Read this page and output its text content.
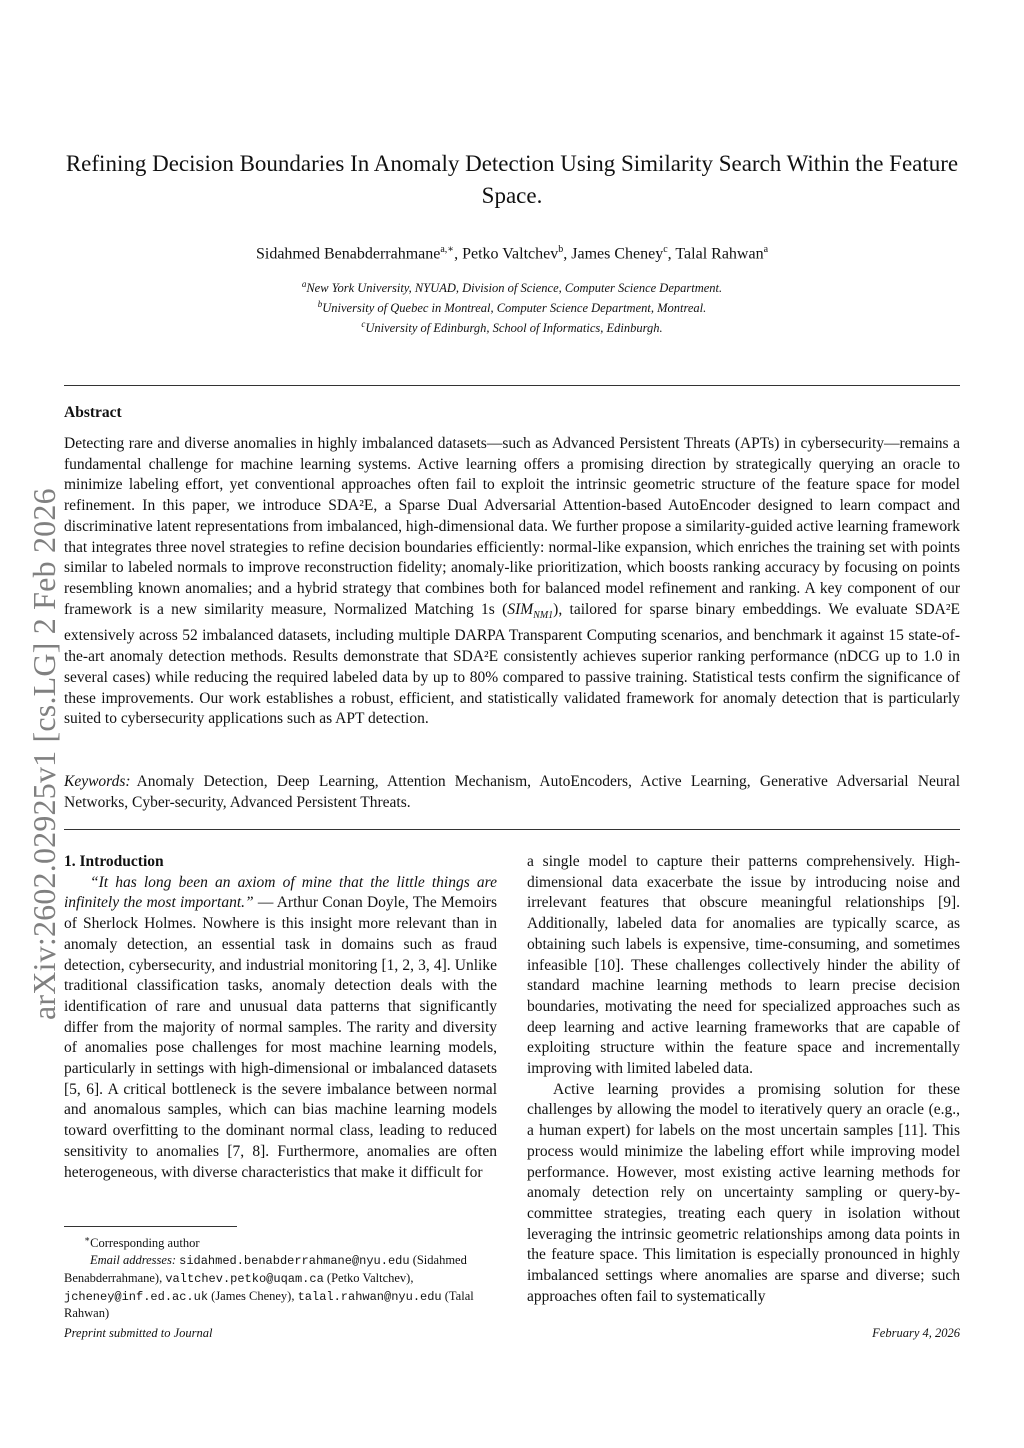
arXiv:2602.02925v1 [cs.LG] 2 Feb 2026
Refining Decision Boundaries In Anomaly Detection Using Similarity Search Within the Feature Space.
Sidahmed Benabderrahmane$^{a,∗}$, Petko Valtchev$^b$, James Cheney$^c$, Talal Rahwan$^a$
$^a$New York University, NYUAD, Division of Science, Computer Science Department.
$^b$University of Quebec in Montreal, Computer Science Department, Montreal.
$^c$University of Edinburgh, School of Informatics, Edinburgh.
Abstract
Detecting rare and diverse anomalies in highly imbalanced datasets—such as Advanced Persistent Threats (APTs) in cybersecurity—remains a fundamental challenge for machine learning systems. Active learning offers a promising direction by strategically querying an oracle to minimize labeling effort, yet conventional approaches often fail to exploit the intrinsic geometric structure of the feature space for model refinement. In this paper, we introduce SDA²E, a Sparse Dual Adversarial Attention-based AutoEncoder designed to learn compact and discriminative latent representations from imbalanced, high-dimensional data. We further propose a similarity-guided active learning framework that integrates three novel strategies to refine decision boundaries efficiently: normal-like expansion, which enriches the training set with points similar to labeled normals to improve reconstruction fidelity; anomaly-like prioritization, which boosts ranking accuracy by focusing on points resembling known anomalies; and a hybrid strategy that combines both for balanced model refinement and ranking. A key component of our framework is a new similarity measure, Normalized Matching 1s $(SIM_{NM1})$, tailored for sparse binary embeddings. We evaluate SDA²E extensively across 52 imbalanced datasets, including multiple DARPA Transparent Computing scenarios, and benchmark it against 15 state-of-the-art anomaly detection methods. Results demonstrate that SDA²E consistently achieves superior ranking performance (nDCG up to 1.0 in several cases) while reducing the required labeled data by up to 80% compared to passive training. Statistical tests confirm the significance of these improvements. Our work establishes a robust, efficient, and statistically validated framework for anomaly detection that is particularly suited to cybersecurity applications such as APT detection.
Keywords: Anomaly Detection, Deep Learning, Attention Mechanism, AutoEncoders, Active Learning, Generative Adversarial Neural Networks, Cyber-security, Advanced Persistent Threats.

1. Introduction

“It has long been an axiom of mine that the little things are infinitely the most important.” — Arthur Conan Doyle, The Memoirs of Sherlock Holmes. Nowhere is this insight more relevant than in anomaly detection, an essential task in domains such as fraud detection, cybersecurity, and industrial monitoring [1, 2, 3, 4]. Unlike traditional classification tasks, anomaly detection deals with the identification of rare and unusual data patterns that significantly differ from the majority of normal samples. The rarity and diversity of anomalies pose challenges for most machine learning models, particularly in settings with high-dimensional or imbalanced datasets [5, 6]. A critical bottleneck is the severe imbalance between normal and anomalous samples, which can bias machine learning models toward overfitting to the dominant normal class, leading to reduced sensitivity to anomalies [7, 8]. Furthermore, anomalies are often heterogeneous, with diverse characteristics that make it difficult for

a single model to capture their patterns comprehensively. High-dimensional data exacerbate the issue by introducing noise and irrelevant features that obscure meaningful relationships [9]. Additionally, labeled data for anomalies are typically scarce, as obtaining such labels is expensive, time-consuming, and sometimes infeasible [10]. These challenges collectively hinder the ability of standard machine learning methods to learn precise decision boundaries, motivating the need for specialized approaches such as deep learning and active learning frameworks that are capable of exploiting structure within the feature space and incrementally improving with limited labeled data.

Active learning provides a promising solution for these challenges by allowing the model to iteratively query an oracle (e.g., a human expert) for labels on the most uncertain samples [11]. This process would minimize the labeling effort while improving model performance. However, most existing active learning methods for anomaly detection rely on uncertainty sampling or query-by-committee strategies, treating each query in isolation without leveraging the intrinsic geometric relationships among data points in the feature space. This limitation is especially pronounced in highly imbalanced settings where anomalies are sparse and diverse; such approaches often fail to systematically

∗Corresponding author
Email addresses: sidahmed.benabderrahmane@nyu.edu (Sidahmed Benabderrahmane), valtchev.petko@uqam.ca (Petko Valtchev), jcheney@inf.ed.ac.uk (James Cheney), talal.rahwan@nyu.edu (Talal Rahwan)
Preprint submitted to Journal	February 4, 2026
